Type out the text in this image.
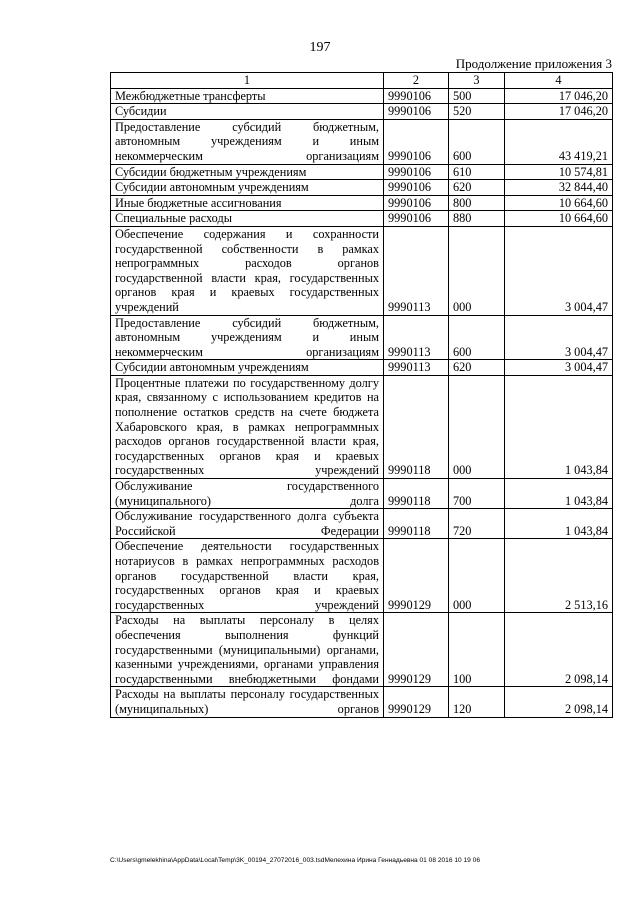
197
Продолжение приложения 3
1	2	3	4
Межбюджетные трансферты	9990106	500	17 046,20
Субсидии	9990106	520	17 046,20
Предоставление субсидий бюджетным, автономным учреждениям и иным некоммерческим организациям	9990106	600	43 419,21
Субсидии бюджетным учреждениям	9990106	610	10 574,81
Субсидии автономным учреждениям	9990106	620	32 844,40
Иные бюджетные ассигнования	9990106	800	10 664,60
Специальные расходы	9990106	880	10 664,60
Обеспечение содержания и сохранности государственной собственности в рамках непрограммных расходов органов государственной власти края, государственных органов края и краевых государственных учреждений	9990113	000	3 004,47
Предоставление субсидий бюджетным, автономным учреждениям и иным некоммерческим организациям	9990113	600	3 004,47
Субсидии автономным учреждениям	9990113	620	3 004,47
Процентные платежи по государственному долгу края, связанному с использованием кредитов на пополнение остатков средств на счете бюджета Хабаровского края, в рамках непрограммных расходов органов государственной власти края, государственных органов края и краевых государственных учреждений	9990118	000	1 043,84
Обслуживание государственного (муниципального) долга	9990118	700	1 043,84
Обслуживание государственного долга субъекта Российской Федерации	9990118	720	1 043,84
Обеспечение деятельности государственных нотариусов в рамках непрограммных расходов органов государственной власти края, государственных органов края и краевых государственных учреждений	9990129	000	2 513,16
Расходы на выплаты персоналу в целях обеспечения выполнения функций государственными (муниципальными) органами, казенными учреждениями, органами управления государственными внебюджетными фондами	9990129	100	2 098,14
Расходы на выплаты персоналу государственных (муниципальных) органов	9990129	120	2 098,14
C:\Users\gmelekhina\AppData\Local\Temp\3K_00194_27072016_003.tsdМелехина Ирина Геннадьевна 01 08 2016 10 19 06
